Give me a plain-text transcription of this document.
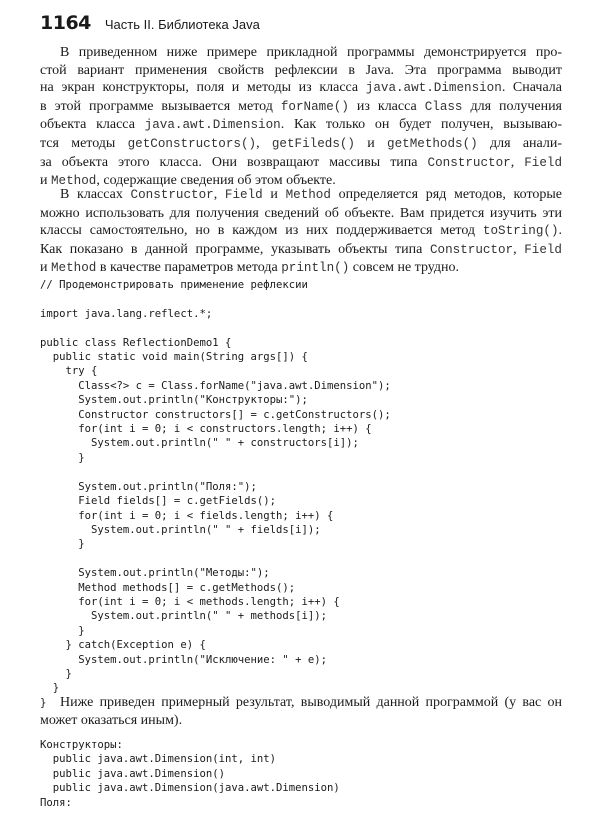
1164 Часть II. Библиотека Java
В приведенном ниже примере прикладной программы демонстрируется про-
стой вариант применения свойств рефлексии в Java. Эта программа выводит
на экран конструкторы, поля и методы из класса java.awt.Dimension. Сначала
в этой программе вызывается метод forName() из класса Class для получения
объекта класса java.awt.Dimension. Как только он будет получен, вызываю-
тся методы getConstructors(), getFileds() и getMethods() для анали-
за объекта этого класса. Они возвращают массивы типа Constructor, Field
и Method, содержащие сведения об этом объекте.
В классах Constructor, Field и Method определяется ряд методов, которые
можно использовать для получения сведений об объекте. Вам придется изучить эти
классы самостоятельно, но в каждом из них поддерживается метод toString().
Как показано в данной программе, указывать объекты типа Constructor, Field
и Method в качестве параметров метода println() совсем не трудно.
// Продемонстрировать применение рефлексии

import java.lang.reflect.*;

public class ReflectionDemo1 {
public static void main(String args[]) {
try {
Class<?> c = Class.forName("java.awt.Dimension");
System.out.println("Конструкторы:");
Constructor constructors[] = c.getConstructors();
for(int i = 0; i < constructors.length; i++) {
System.out.println(" " + constructors[i]);
}

System.out.println("Поля:");
Field fields[] = c.getFields();
for(int i = 0; i < fields.length; i++) {
System.out.println(" " + fields[i]);
}

System.out.println("Методы:");
Method methods[] = c.getMethods();
for(int i = 0; i < methods.length; i++) {
System.out.println(" " + methods[i]);
}
} catch(Exception e) {
System.out.println("Исключение: " + e);
}
}
} Ниже приведен примерный результат, выводимый данной программой (у вас он
может оказаться иным).
Конструкторы:
public java.awt.Dimension(int, int)
public java.awt.Dimension()
public java.awt.Dimension(java.awt.Dimension)
Поля:
